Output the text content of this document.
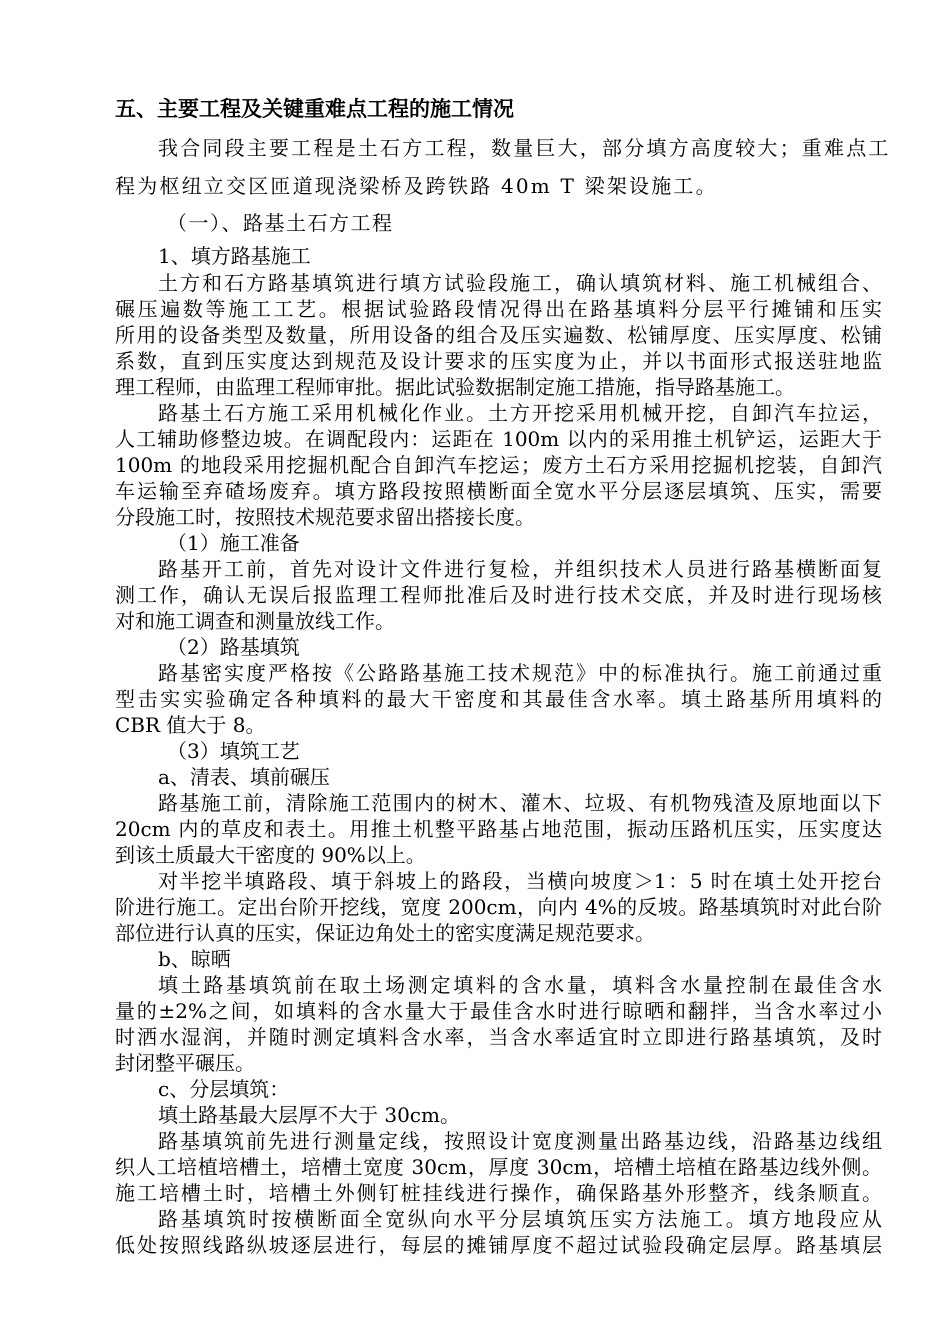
五、主要工程及关键重难点工程的施工情况
我合同段主要工程是土石方工程，数量巨大，部分填方高度较大；重难点工
程为枢纽立交区匝道现浇梁桥及跨铁路 40m T 梁架设施工。
（一）、路基土石方工程
1、填方路基施工
土方和石方路基填筑进行填方试验段施工，确认填筑材料、施工机械组合、
碾压遍数等施工工艺。根据试验路段情况得出在路基填料分层平行摊铺和压实
所用的设备类型及数量，所用设备的组合及压实遍数、松铺厚度、压实厚度、松铺
系数，直到压实度达到规范及设计要求的压实度为止，并以书面形式报送驻地监
理工程师，由监理工程师审批。据此试验数据制定施工措施，指导路基施工。
路基土石方施工采用机械化作业。土方开挖采用机械开挖，自卸汽车拉运，
人工辅助修整边坡。在调配段内：运距在 100m 以内的采用推土机铲运，运距大于
100m 的地段采用挖掘机配合自卸汽车挖运；废方土石方采用挖掘机挖装，自卸汽
车运输至弃碴场废弃。填方路段按照横断面全宽水平分层逐层填筑、压实，需要
分段施工时，按照技术规范要求留出搭接长度。
（1）施工准备
路基开工前，首先对设计文件进行复检，并组织技术人员进行路基横断面复
测工作，确认无误后报监理工程师批准后及时进行技术交底，并及时进行现场核
对和施工调查和测量放线工作。
（2）路基填筑
路基密实度严格按《公路路基施工技术规范》中的标准执行。施工前通过重
型击实实验确定各种填料的最大干密度和其最佳含水率。填土路基所用填料的
CBR 值大于 8。
（3）填筑工艺
a、清表、填前碾压
路基施工前，清除施工范围内的树木、灌木、垃圾、有机物残渣及原地面以下
20cm 内的草皮和表土。用推土机整平路基占地范围，振动压路机压实，压实度达
到该土质最大干密度的 90%以上。
对半挖半填路段、填于斜坡上的路段，当横向坡度＞1：5 时在填土处开挖台
阶进行施工。定出台阶开挖线，宽度 200cm，向内 4%的反坡。路基填筑时对此台阶
部位进行认真的压实，保证边角处土的密实度满足规范要求。
b、晾晒
填土路基填筑前在取土场测定填料的含水量，填料含水量控制在最佳含水
量的±2%之间，如填料的含水量大于最佳含水时进行晾晒和翻拌，当含水率过小
时洒水湿润，并随时测定填料含水率，当含水率适宜时立即进行路基填筑，及时
封闭整平碾压。
c、分层填筑：
填土路基最大层厚不大于 30cm。
路基填筑前先进行测量定线，按照设计宽度测量出路基边线，沿路基边线组
织人工培植培槽土，培槽土宽度 30cm，厚度 30cm，培槽土培植在路基边线外侧。
施工培槽土时，培槽土外侧钉桩挂线进行操作，确保路基外形整齐，线条顺直。
路基填筑时按横断面全宽纵向水平分层填筑压实方法施工。填方地段应从
低处按照线路纵坡逐层进行，每层的摊铺厚度不超过试验段确定层厚。路基填层
